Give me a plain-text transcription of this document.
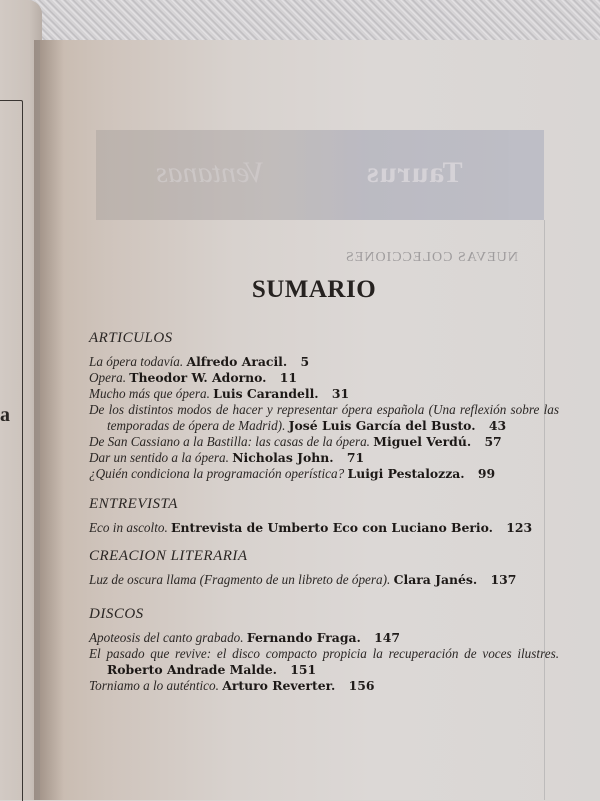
a
Taurus
Ventanas
NUEVAS COLECCIONES
SUMARIO
ARTICULOS
La ópera todavía. Alfredo Aracil. 5
Opera. Theodor W. Adorno. 11
Mucho más que ópera. Luis Carandell. 31
De los distintos modos de hacer y representar ópera española (Una reflexión sobre las temporadas de ópera de Madrid). José Luis García del Busto. 43
De San Cassiano a la Bastilla: las casas de la ópera. Miguel Verdú. 57
Dar un sentido a la ópera. Nicholas John. 71
¿Quién condiciona la programación operística? Luigi Pestalozza. 99
ENTREVISTA
Eco in ascolto. Entrevista de Umberto Eco con Luciano Berio. 123
CREACION LITERARIA
Luz de oscura llama (Fragmento de un libreto de ópera). Clara Janés. 137
DISCOS
Apoteosis del canto grabado. Fernando Fraga. 147
El pasado que revive: el disco compacto propicia la recuperación de voces ilustres. Roberto Andrade Malde. 151
Torniamo a lo auténtico. Arturo Reverter. 156
